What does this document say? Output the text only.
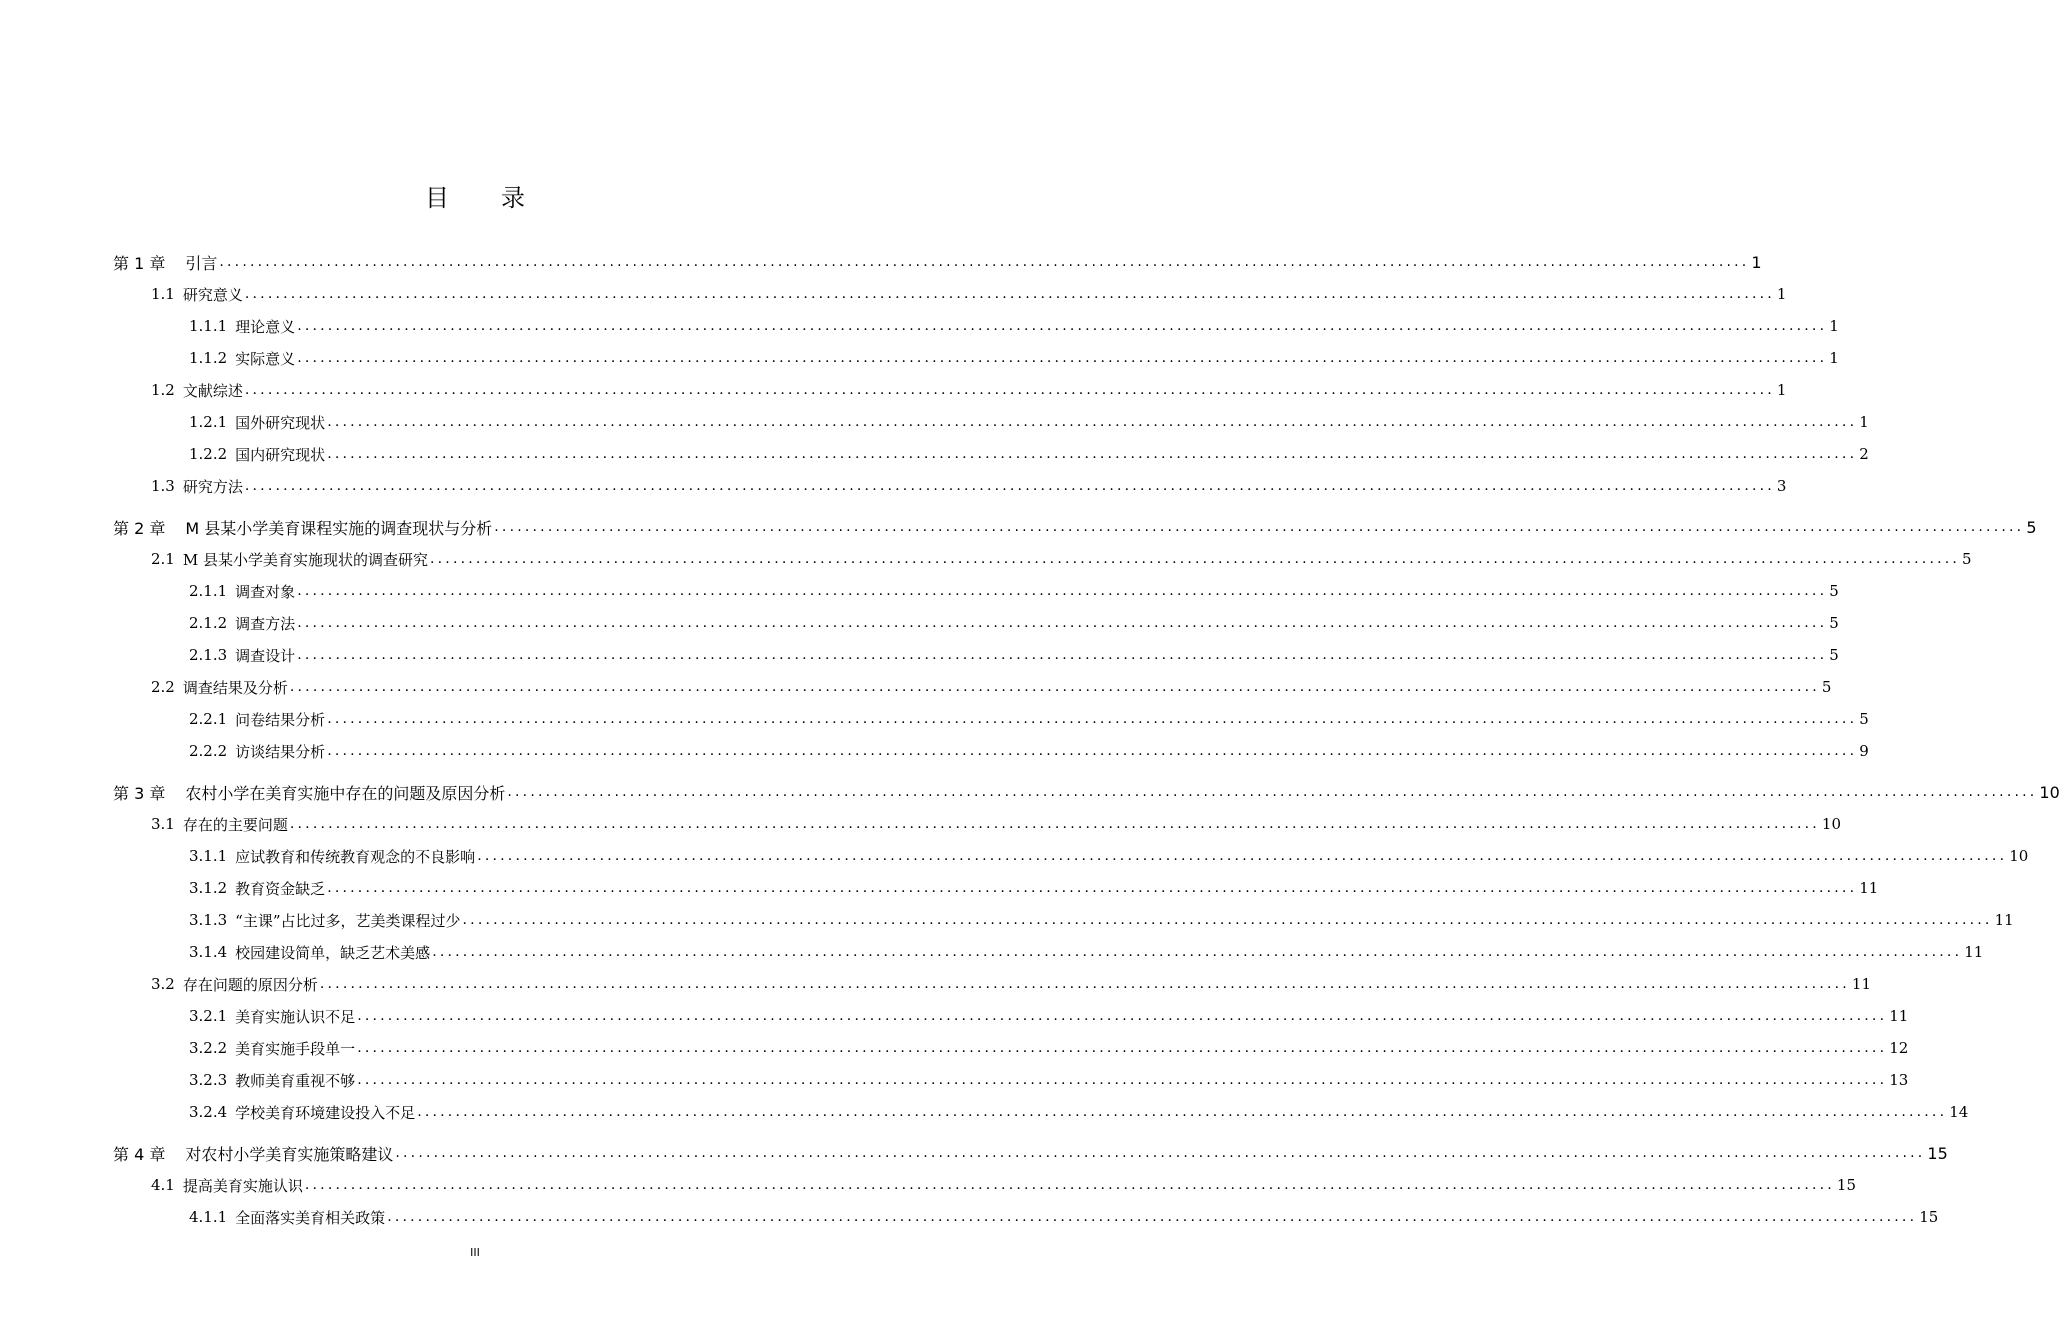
目 录
第 1 章 引言 ........................................................................................................................................................................................................ 1
1.1 研究意义 ........................................................................................................................................................................................................ 1
1.1.1 理论意义 ........................................................................................................................................................................................................ 1
1.1.2 实际意义 ........................................................................................................................................................................................................ 1
1.2 文献综述 ........................................................................................................................................................................................................ 1
1.2.1 国外研究现状 ........................................................................................................................................................................................................ 1
1.2.2 国内研究现状 ........................................................................................................................................................................................................ 2
1.3 研究方法 ........................................................................................................................................................................................................ 3
第 2 章 M 县某小学美育课程实施的调查现状与分析 ........................................................................................................................................................................................................ 5
2.1 M 县某小学美育实施现状的调查研究 ........................................................................................................................................................................................................ 5
2.1.1 调查对象 ........................................................................................................................................................................................................ 5
2.1.2 调查方法 ........................................................................................................................................................................................................ 5
2.1.3 调查设计 ........................................................................................................................................................................................................ 5
2.2 调查结果及分析 ........................................................................................................................................................................................................ 5
2.2.1 问卷结果分析 ........................................................................................................................................................................................................ 5
2.2.2 访谈结果分析 ........................................................................................................................................................................................................ 9
第 3 章 农村小学在美育实施中存在的问题及原因分析 ........................................................................................................................................................................................................ 10
3.1 存在的主要问题 ........................................................................................................................................................................................................ 10
3.1.1 应试教育和传统教育观念的不良影响 ........................................................................................................................................................................................................ 10
3.1.2 教育资金缺乏 ........................................................................................................................................................................................................ 11
3.1.3 “主课”占比过多，艺美类课程过少 ........................................................................................................................................................................................................ 11
3.1.4 校园建设简单，缺乏艺术美感 ........................................................................................................................................................................................................ 11
3.2 存在问题的原因分析 ........................................................................................................................................................................................................ 11
3.2.1 美育实施认识不足 ........................................................................................................................................................................................................ 11
3.2.2 美育实施手段单一 ........................................................................................................................................................................................................ 12
3.2.3 教师美育重视不够 ........................................................................................................................................................................................................ 13
3.2.4 学校美育环境建设投入不足 ........................................................................................................................................................................................................ 14
第 4 章 对农村小学美育实施策略建议 ........................................................................................................................................................................................................ 15
4.1 提高美育实施认识 ........................................................................................................................................................................................................ 15
4.1.1 全面落实美育相关政策 ........................................................................................................................................................................................................ 15
III
